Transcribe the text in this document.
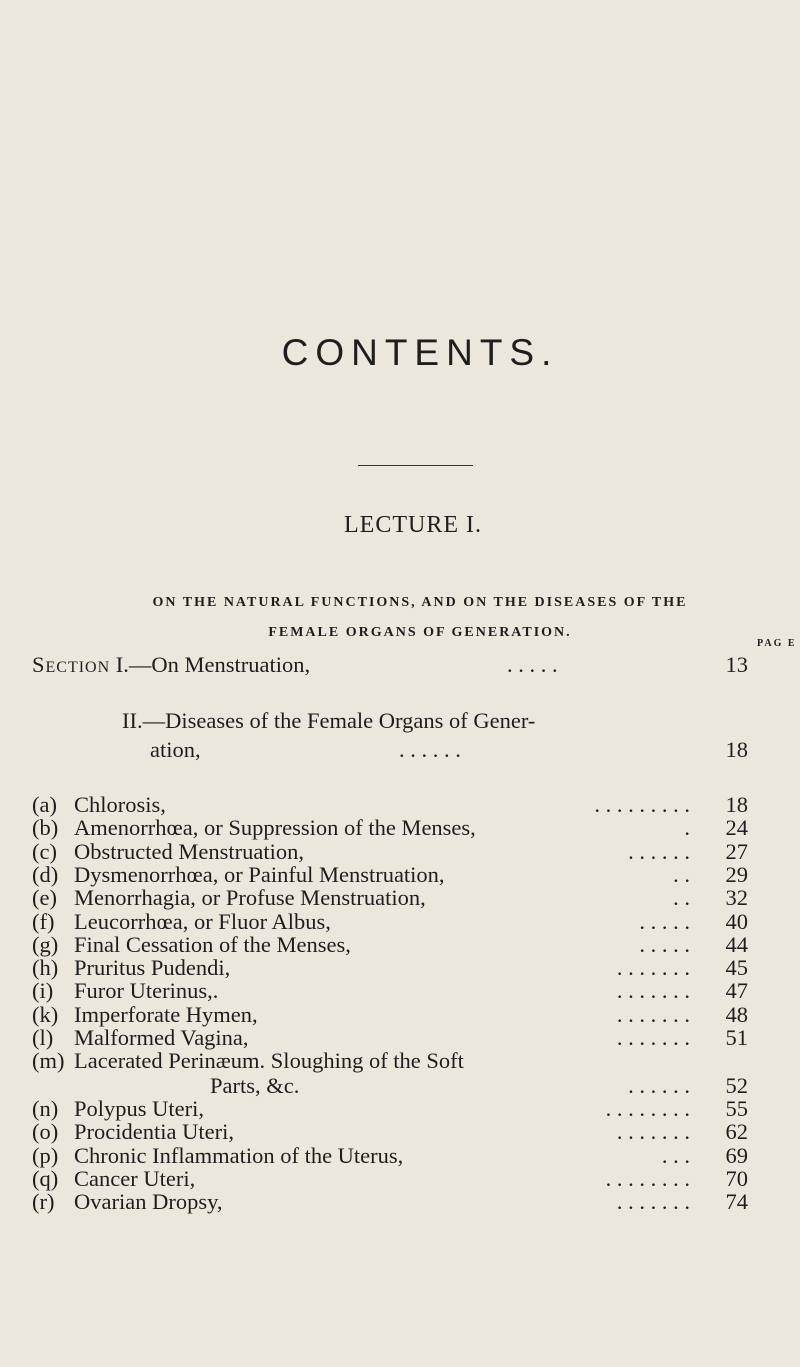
CONTENTS.
LECTURE I.
ON THE NATURAL FUNCTIONS, AND ON THE DISEASES OF THE
FEMALE ORGANS OF GENERATION.
PAG E
Section I.—On Menstruation,	. . . . .	13
II.—Diseases of the Female Organs of Gener-
ation,	. . . . . .	18
(a) Chlorosis,	. . . . . . . . .	18
(b) Amenorrhœa, or Suppression of the Menses,	.	24
(c) Obstructed Menstruation,	. . . . . .	27
(d) Dysmenorrhœa, or Painful Menstruation,	. .	29
(e) Menorrhagia, or Profuse Menstruation,	. .	32
(f) Leucorrhœa, or Fluor Albus,	. . . . .	40
(g) Final Cessation of the Menses,	. . . . .	44
(h) Pruritus Pudendi,	. . . . . . .	45
(i) Furor Uterinus,.	. . . . . . .	47
(k) Imperforate Hymen,	. . . . . . .	48
(l) Malformed Vagina,	. . . . . . .	51
(m) Lacerated Perinæum. Sloughing of the Soft
Parts, &c.	. . . . . .	52
(n) Polypus Uteri,	. . . . . . . .	55
(o) Procidentia Uteri,	. . . . . . .	62
(p) Chronic Inflammation of the Uterus,	. . .	69
(q) Cancer Uteri,	. . . . . . . .	70
(r) Ovarian Dropsy,	. . . . . . .	74
